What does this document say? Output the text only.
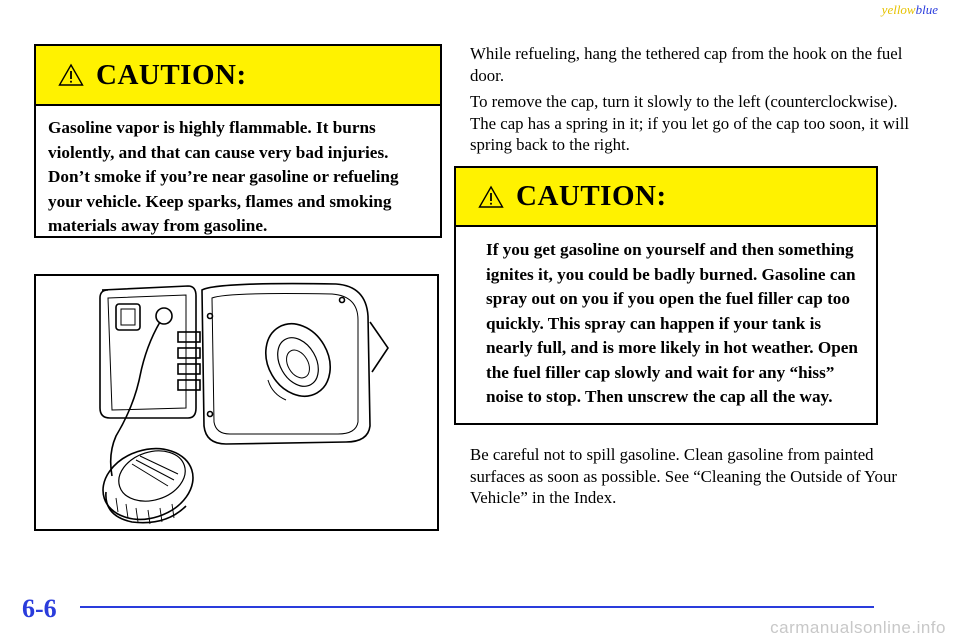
yellowblue
CAUTION:
Gasoline vapor is highly flammable. It burns violently, and that can cause very bad injuries. Don’t smoke if you’re near gasoline or refueling your vehicle. Keep sparks, flames and smoking materials away from gasoline.
While refueling, hang the tethered cap from the hook on the fuel door.
To remove the cap, turn it slowly to the left (counterclockwise). The cap has a spring in it; if you let go of the cap too soon, it will spring back to the right.
CAUTION:
If you get gasoline on yourself and then something ignites it, you could be badly burned. Gasoline can spray out on you if you open the fuel filler cap too quickly. This spray can happen if your tank is nearly full, and is more likely in hot weather. Open the fuel filler cap slowly and wait for any “hiss” noise to stop. Then unscrew the cap all the way.
Be careful not to spill gasoline. Clean gasoline from painted surfaces as soon as possible. See “Cleaning the Outside of Your Vehicle” in the Index.
6-6
carmanualsonline.info
